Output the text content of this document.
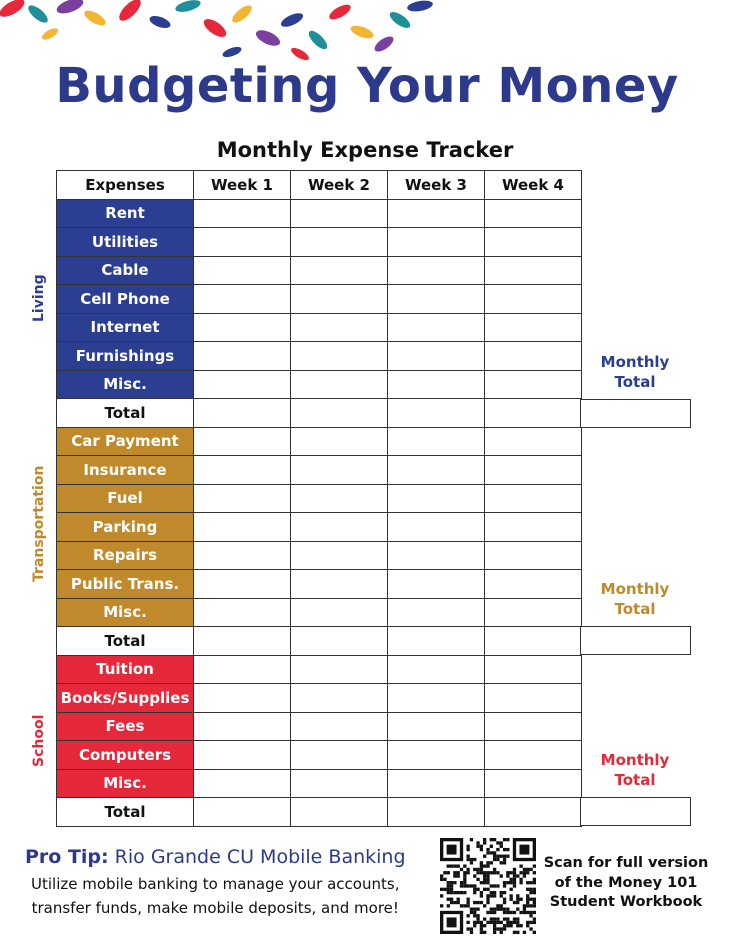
Budgeting Your Money
Monthly Expense Tracker
Expenses	Week 1	Week 2	Week 3	Week 4
Rent				
Utilities				
Cable				
Cell Phone				
Internet				
Furnishings				
Misc.				
Total				
Car Payment				
Insurance				
Fuel				
Parking				
Repairs				
Public Trans.				
Misc.				
Total				
Tuition				
Books/Supplies				
Fees				
Computers				
Misc.				
Total				
Living
Transportation
School
Monthly
Total
Monthly
Total
Monthly
Total
Pro Tip: Rio Grande CU Mobile Banking
Utilize mobile banking to manage your accounts,
transfer funds, make mobile deposits, and more!
Scan for full version
of the Money 101
Student Workbook
